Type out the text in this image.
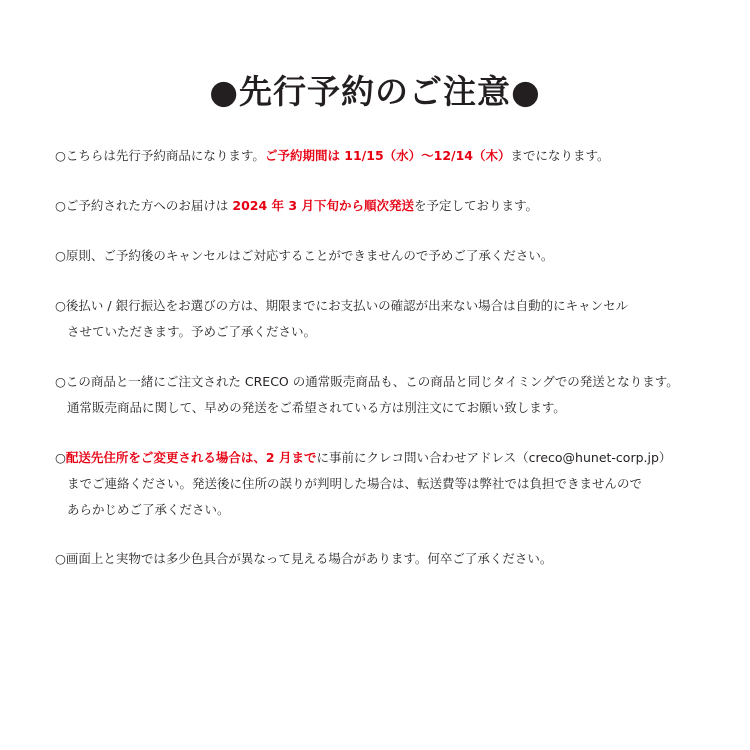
●先行予約のご注意●
○こちらは先行予約商品になります。ご予約期間は 11/15（水）〜12/14（木）までになります。
○ご予約された方へのお届けは 2024 年 3 月下旬から順次発送を予定しております。
○原則、ご予約後のキャンセルはご対応することができませんので予めご了承ください。
○後払い / 銀行振込をお選びの方は、期限までにお支払いの確認が出来ない場合は自動的にキャンセル
させていただきます。予めご了承ください。
○この商品と一緒にご注文された CRECO の通常販売商品も、この商品と同じタイミングでの発送となります。
通常販売商品に関して、早めの発送をご希望されている方は別注文にてお願い致します。
○配送先住所をご変更される場合は、2 月までに事前にクレコ問い合わせアドレス（creco@hunet-corp.jp）
までご連絡ください。発送後に住所の誤りが判明した場合は、転送費等は弊社では負担できませんので
あらかじめご了承ください。
○画面上と実物では多少色具合が異なって見える場合があります。何卒ご了承ください。
